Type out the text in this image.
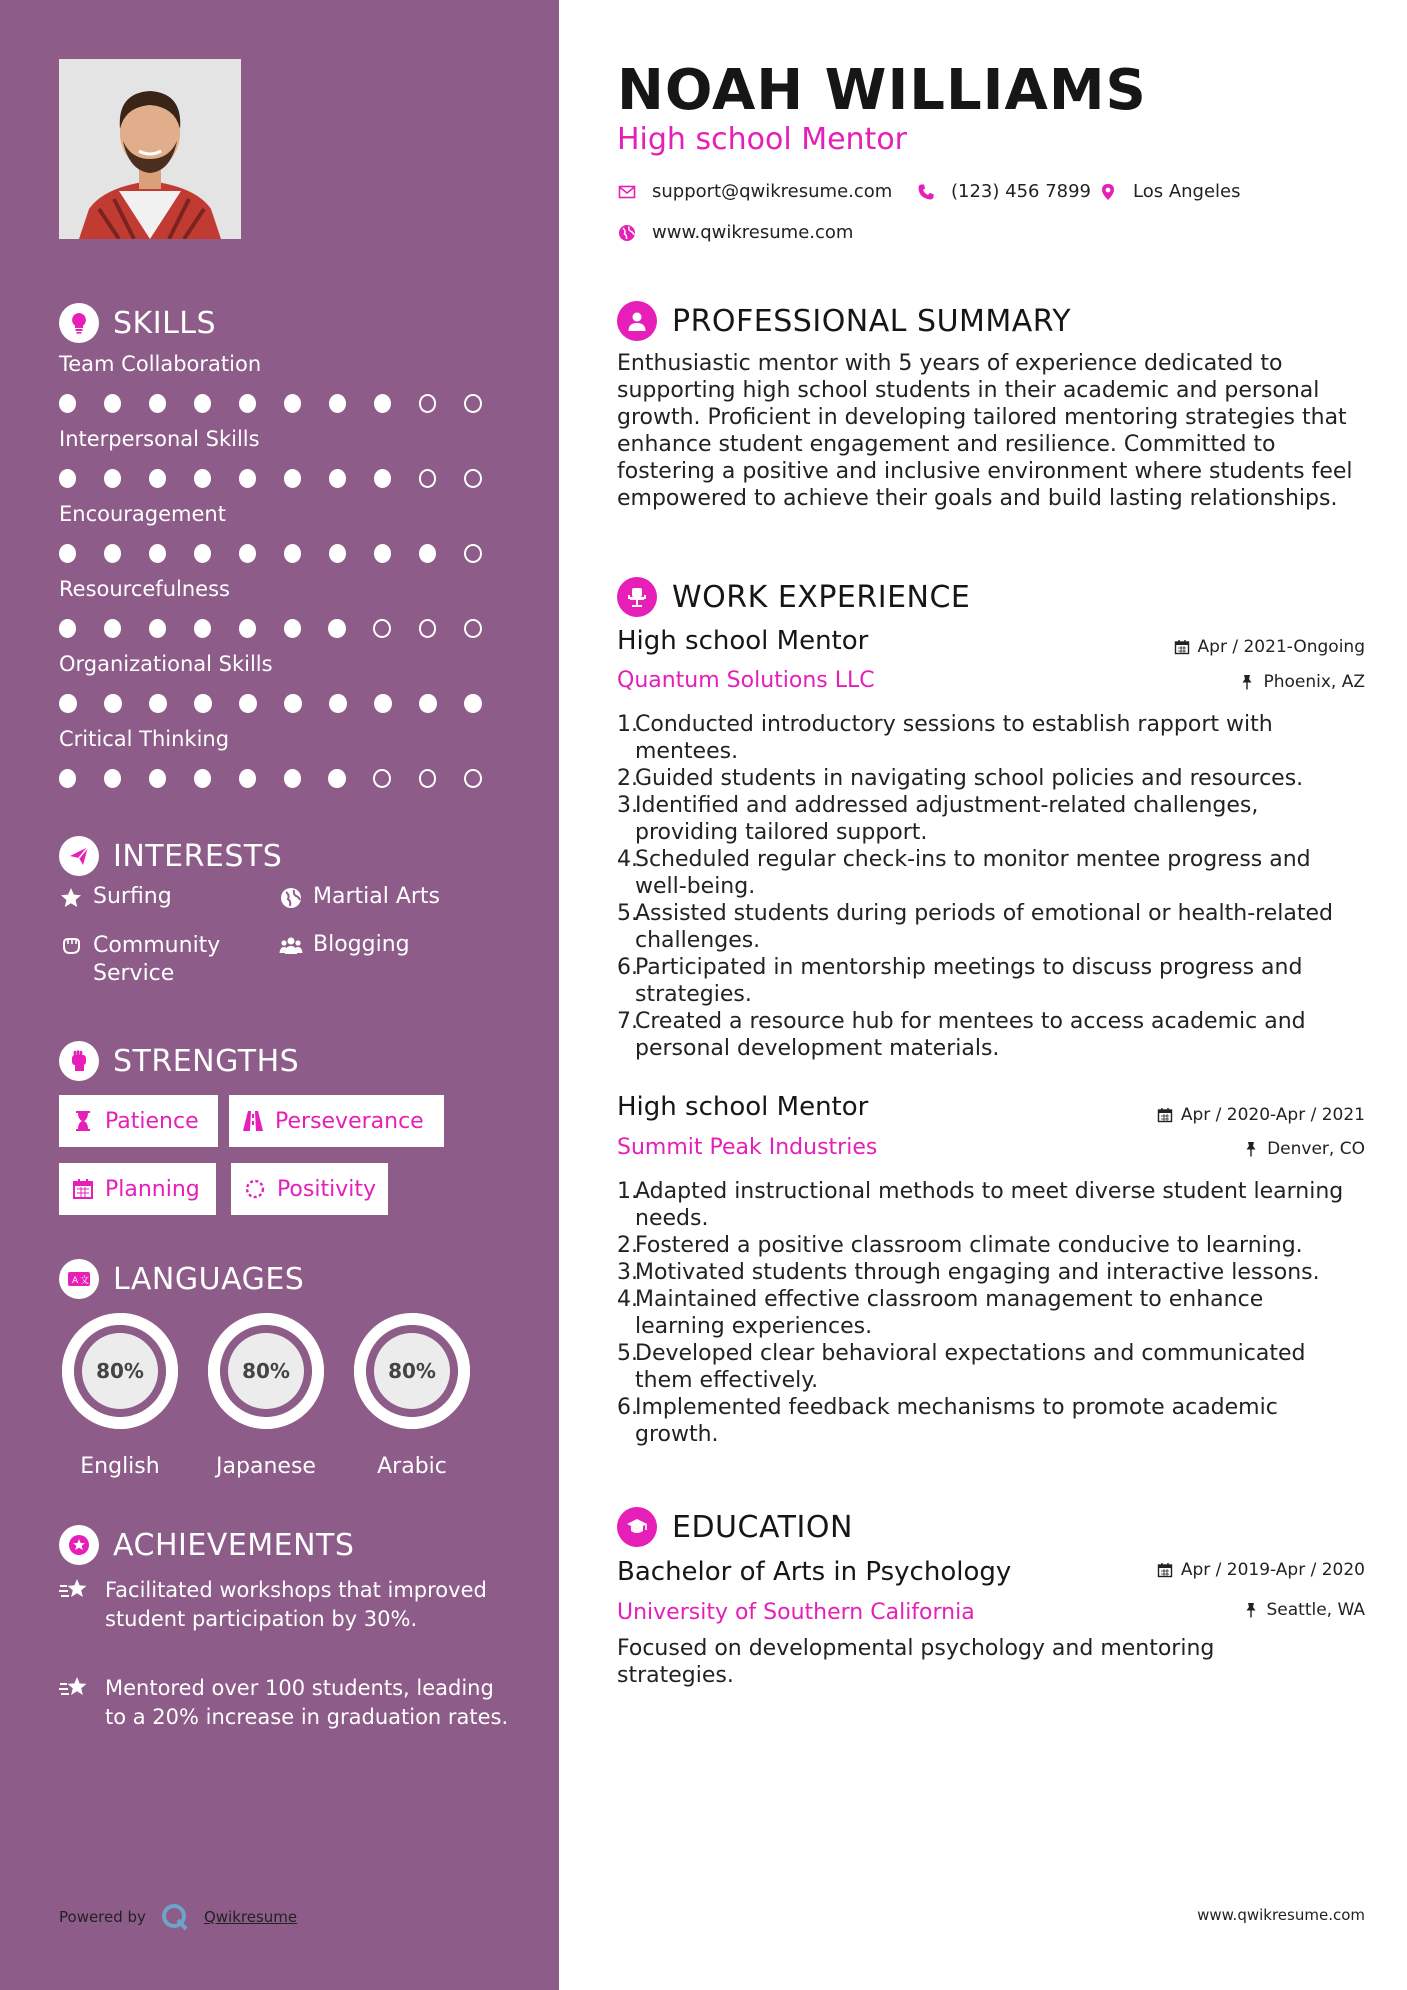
SKILLS
Team Collaboration
Interpersonal Skills
Encouragement
Resourcefulness
Organizational Skills
Critical Thinking
INTERESTS
Surfing	Martial Arts
Community
Service
Blogging
STRENGTHS
Patience	Perseverance
Planning	Positivity
A 文 LANGUAGES
80%
English
80%
Japanese
80%
Arabic
ACHIEVEMENTS
Facilitated workshops that improved student participation by 30%.
Mentored over 100 students, leading to a 20% increase in graduation rates.
Powered by	Qwikresume
NOAH WILLIAMS
High school Mentor
support@qwikresume.com	(123) 456 7899 Los Angeles
www.qwikresume.com
PROFESSIONAL SUMMARY
Enthusiastic mentor with 5 years of experience dedicated to supporting high school students in their academic and personal growth. Proficient in developing tailored mentoring strategies that enhance student engagement and resilience. Committed to fostering a positive and inclusive environment where students feel empowered to achieve their goals and build lasting relationships.
WORK EXPERIENCE
High school Mentor
Quantum Solutions LLC
Apr / 2021-Ongoing
Phoenix, AZ
1.
Conducted introductory sessions to establish rapport with mentees.
2.
Guided students in navigating school policies and resources.
3.
Identified and addressed adjustment-related challenges, providing tailored support.
4.
Scheduled regular check-ins to monitor mentee progress and well-being.
5.
Assisted students during periods of emotional or health-related challenges.
6.
Participated in mentorship meetings to discuss progress and strategies.
7.
Created a resource hub for mentees to access academic and personal development materials.
High school Mentor
Summit Peak Industries
Apr / 2020-Apr / 2021
Denver, CO
1.
Adapted instructional methods to meet diverse student learning needs.
2.
Fostered a positive classroom climate conducive to learning.
3.
Motivated students through engaging and interactive lessons.
4.
Maintained effective classroom management to enhance learning experiences.
5.
Developed clear behavioral expectations and communicated them effectively.
6.
Implemented feedback mechanisms to promote academic growth.
EDUCATION
Bachelor of Arts in Psychology
University of Southern California
Apr / 2019-Apr / 2020
Seattle, WA
Focused on developmental psychology and mentoring strategies.
www.qwikresume.com
